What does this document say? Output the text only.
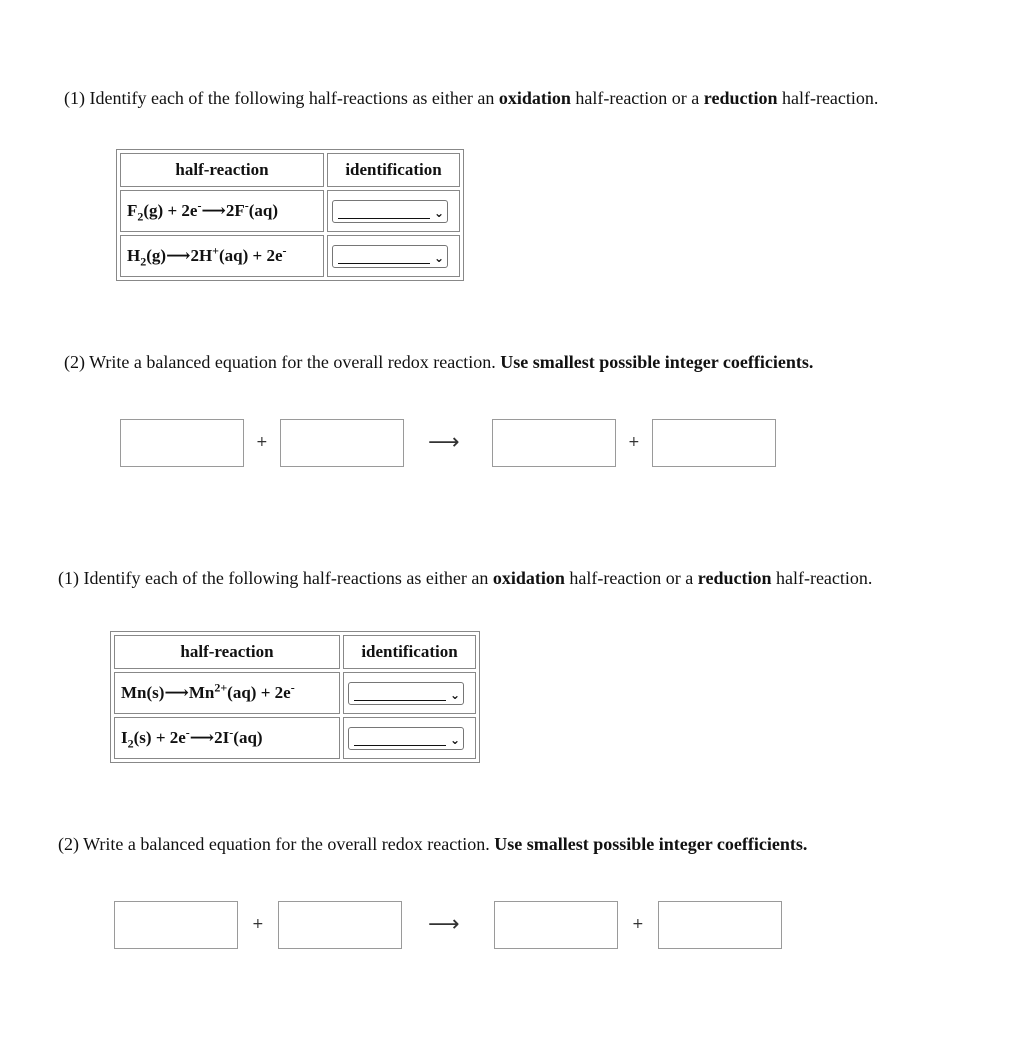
(1) Identify each of the following half-reactions as either an oxidation half-reaction or a reduction half-reaction.
half-reaction	identification
$F_2(g)$ + 2e-⟶2F-(aq)	⌄

$H_2(g)⟶2H^+(aq) + 2e^-$	⌄
(2) Write a balanced equation for the overall redox reaction. Use smallest possible integer coefficients.
+	⟶	+
(1) Identify each of the following half-reactions as either an oxidation half-reaction or a reduction half-reaction.
half-reaction	identification
$Mn(s)⟶Mn^{2+}(aq) + 2e^-$	⌄

$I_2(s)$ + 2e-⟶2I-(aq)	⌄
(2) Write a balanced equation for the overall redox reaction. Use smallest possible integer coefficients.
+	⟶	+
